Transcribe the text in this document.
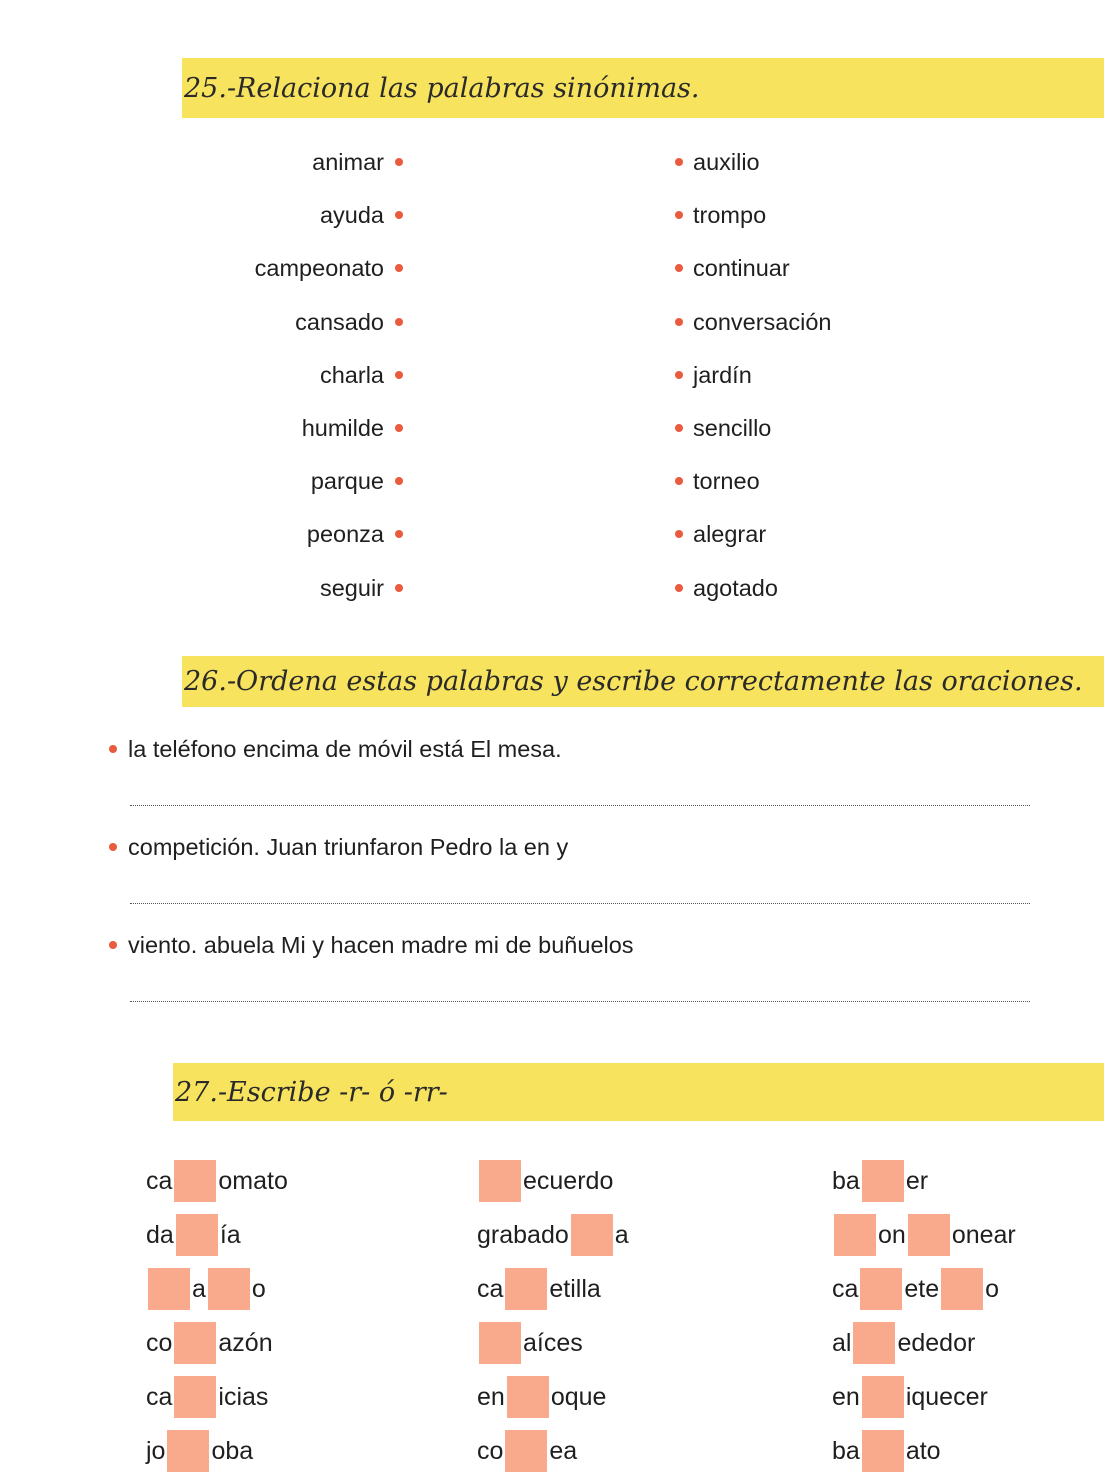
25.-Relaciona las palabras sinónimas.
animar
ayuda
campeonato
cansado
charla
humilde
parque
peonza
seguir
auxilio
trompo
continuar
conversación
jardín
sencillo
torneo
alegrar
agotado
26.-Ordena estas palabras y escribe correctamente las oraciones.
la teléfono encima de móvil está El mesa.
competición. Juan triunfaron Pedro la en y
viento. abuela Mi y hacen madre mi de buñuelos
27.-Escribe -r- ó -rr-
ca omato
da ía
a o
co azón
ca icias
jo oba
ecuerdo
grabado a
ca etilla
aíces
en oque
co ea
ba er
on onear
ca ete o
al ededor
en iquecer
ba ato
